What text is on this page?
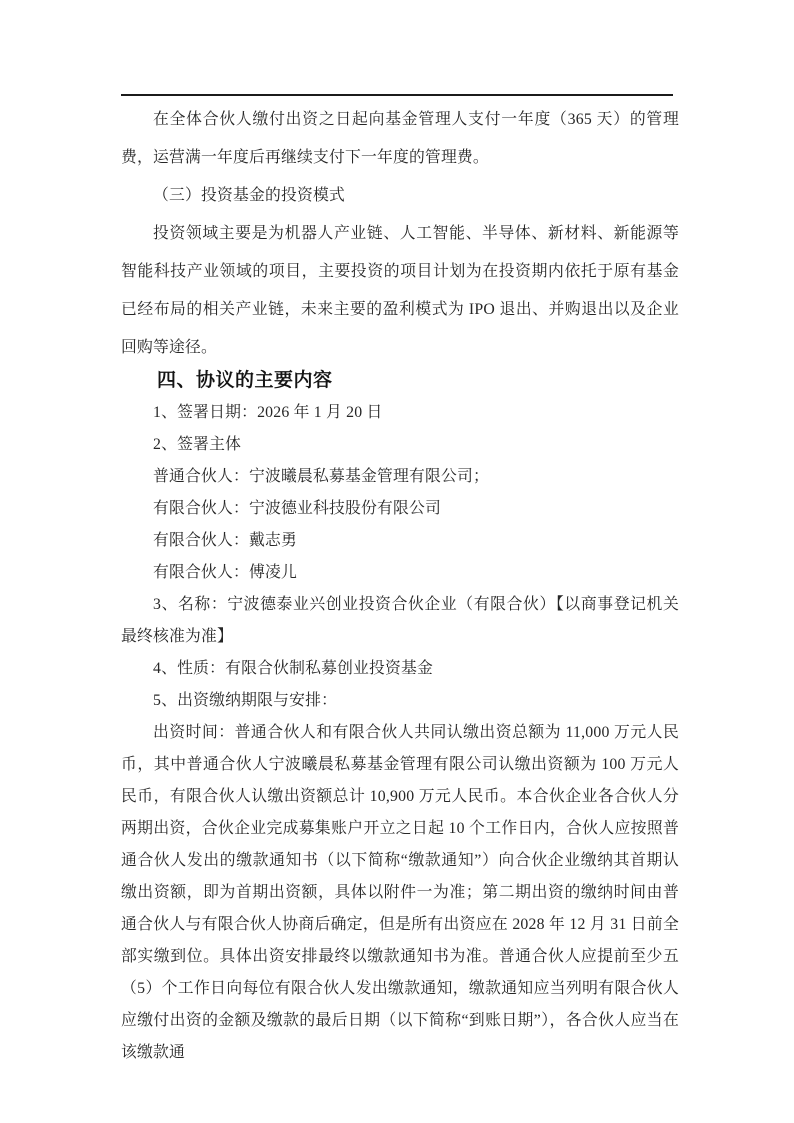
在全体合伙人缴付出资之日起向基金管理人支付一年度（365 天）的管理费，运营满一年度后再继续支付下一年度的管理费。

（三）投资基金的投资模式

投资领域主要是为机器人产业链、人工智能、半导体、新材料、新能源等智能科技产业领域的项目，主要投资的项目计划为在投资期内依托于原有基金已经布局的相关产业链，未来主要的盈利模式为 IPO 退出、并购退出以及企业回购等途径。

四、协议的主要内容

1、签署日期：2026 年 1 月 20 日

2、签署主体

普通合伙人：宁波曦晨私募基金管理有限公司；

有限合伙人：宁波德业科技股份有限公司

有限合伙人：戴志勇

有限合伙人：傅凌儿

3、名称：宁波德泰业兴创业投资合伙企业（有限合伙）【以商事登记机关最终核准为准】

4、性质：有限合伙制私募创业投资基金

5、出资缴纳期限与安排：

出资时间：普通合伙人和有限合伙人共同认缴出资总额为 11,000 万元人民币，其中普通合伙人宁波曦晨私募基金管理有限公司认缴出资额为 100 万元人民币，有限合伙人认缴出资额总计 10,900 万元人民币。本合伙企业各合伙人分两期出资，合伙企业完成募集账户开立之日起 10 个工作日内，合伙人应按照普通合伙人发出的缴款通知书（以下简称“缴款通知”）向合伙企业缴纳其首期认缴出资额，即为首期出资额，具体以附件一为准；第二期出资的缴纳时间由普通合伙人与有限合伙人协商后确定，但是所有出资应在 2028 年 12 月 31 日前全部实缴到位。具体出资安排最终以缴款通知书为准。普通合伙人应提前至少五（5）个工作日向每位有限合伙人发出缴款通知，缴款通知应当列明有限合伙人应缴付出资的金额及缴款的最后日期（以下简称“到账日期”），各合伙人应当在该缴款通
